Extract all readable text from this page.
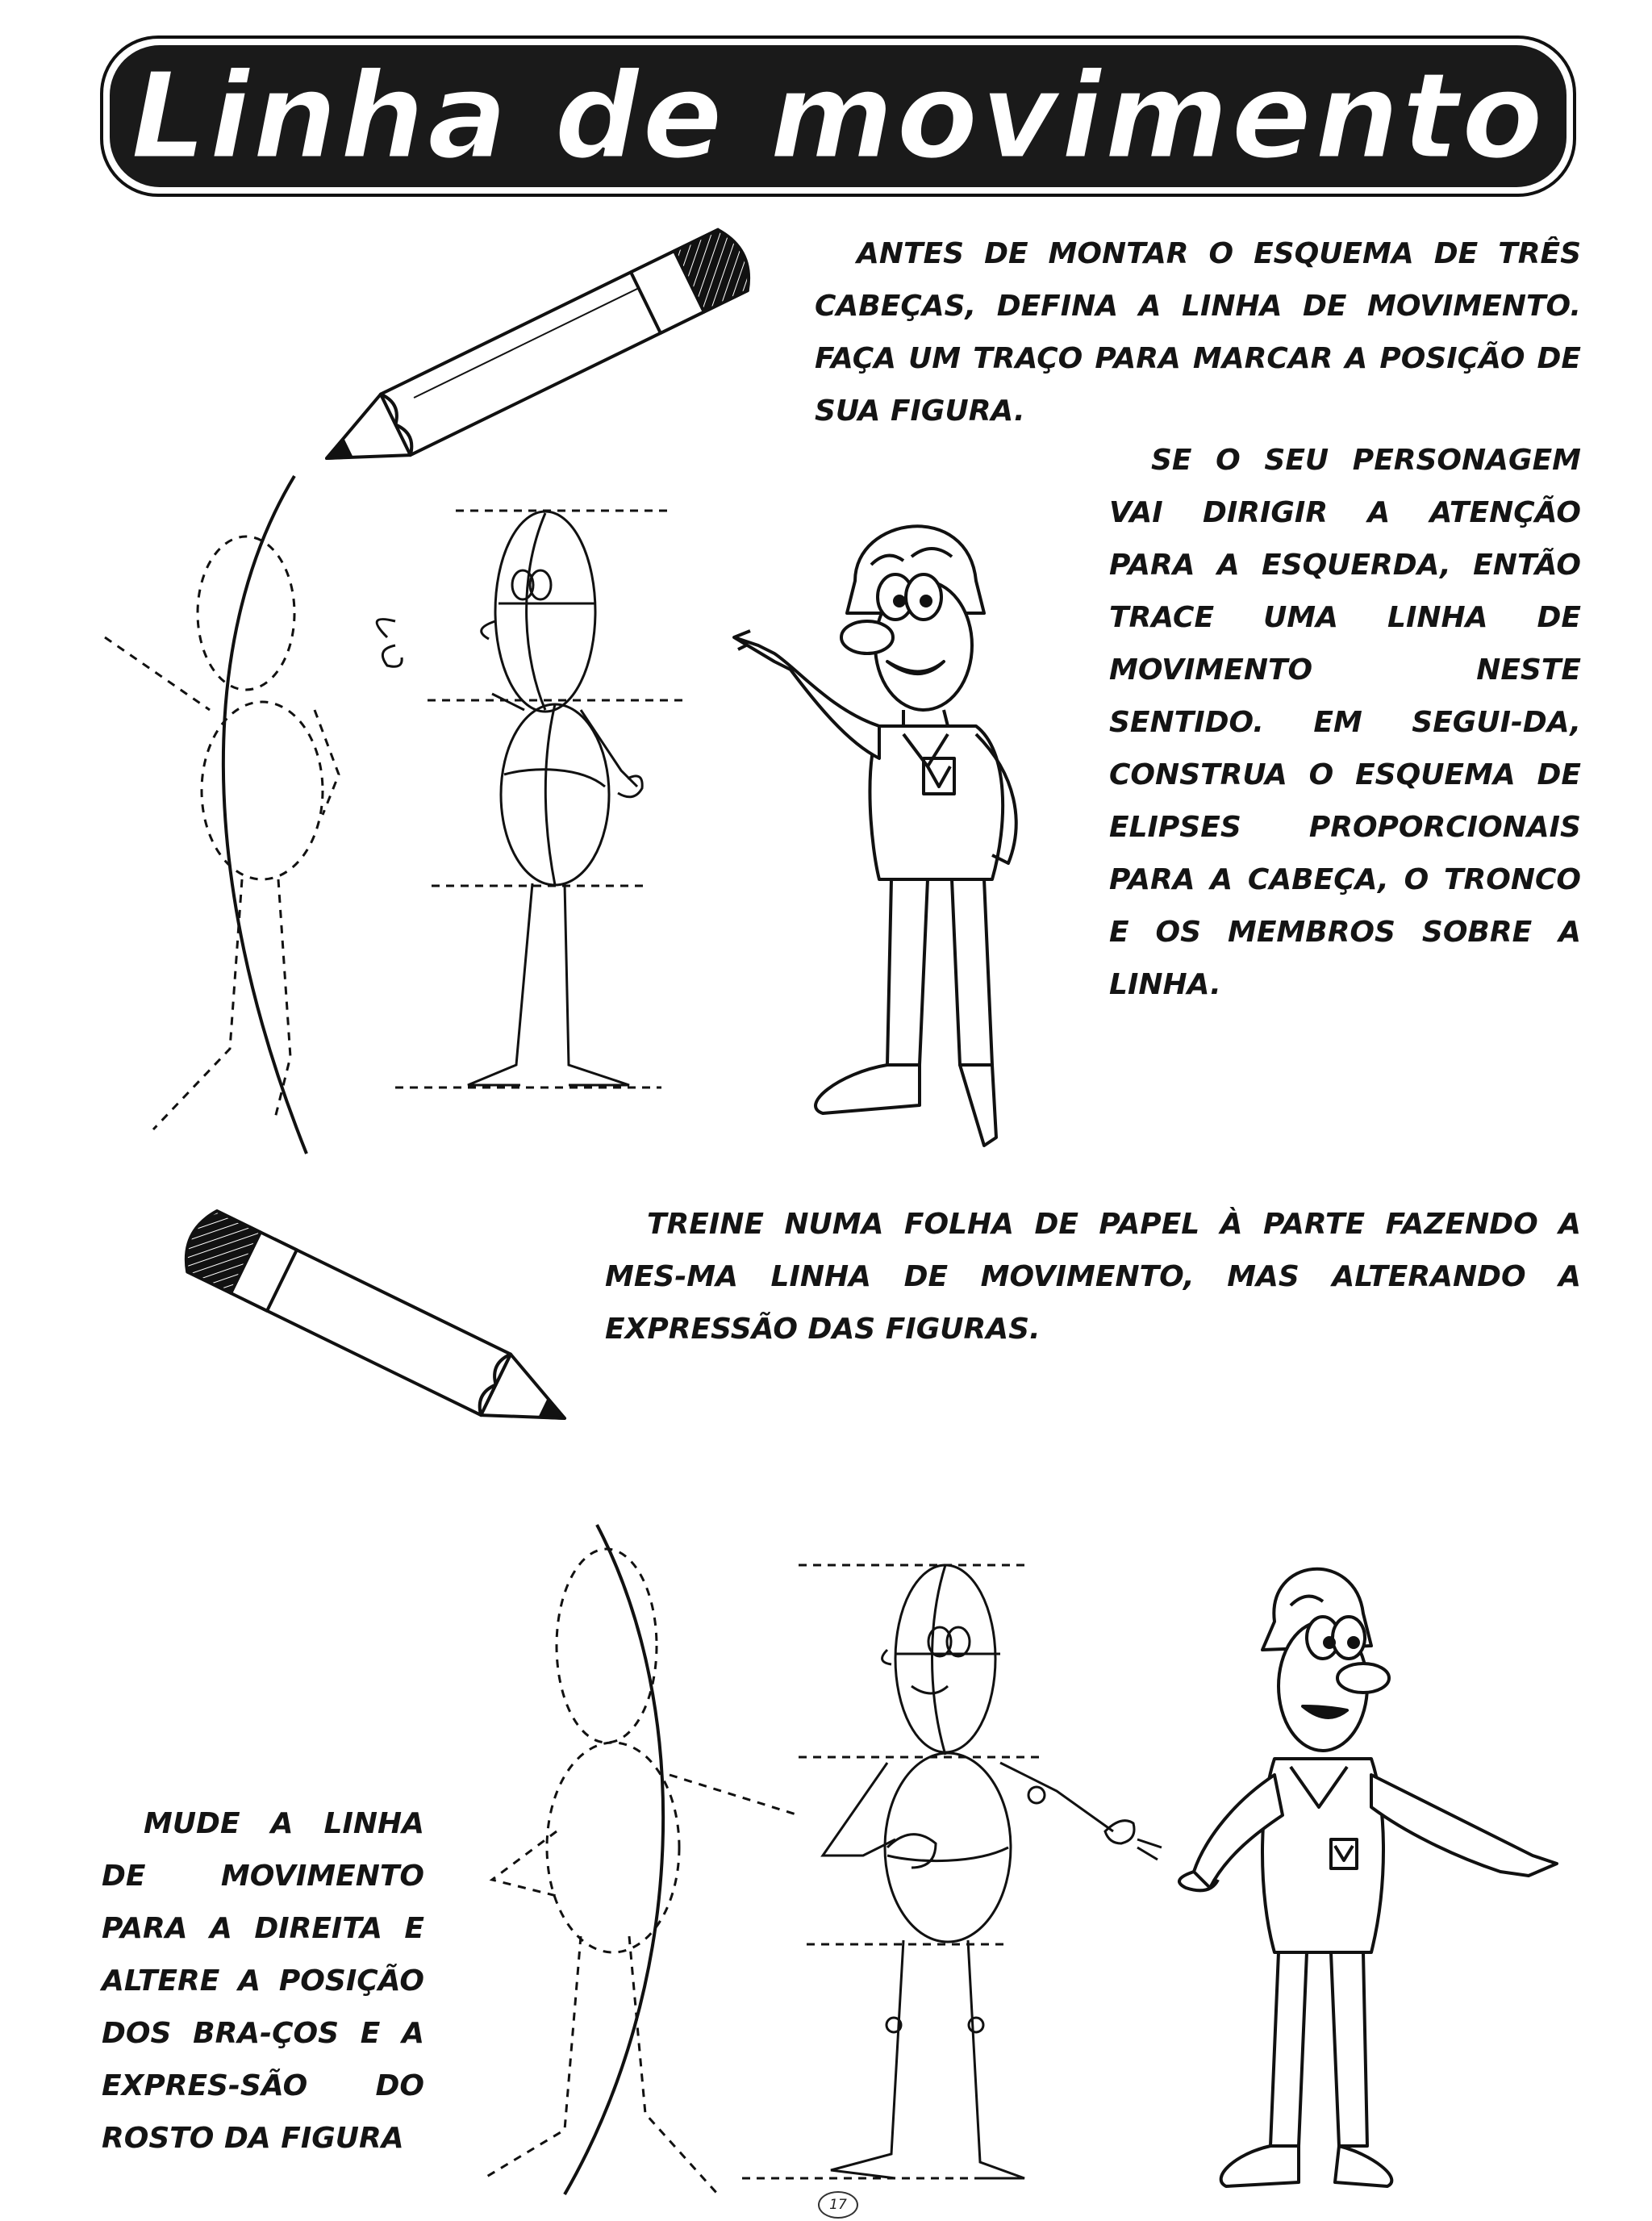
Linha de movimento

ANTES DE MONTAR O ESQUEMA DE TRÊS CABEÇAS, DEFINA A LINHA DE MOVIMENTO. FAÇA UM TRAÇO PARA MARCAR A POSIÇÃO DE SUA FIGURA.

SE O SEU PERSONAGEM VAI DIRIGIR A ATENÇÃO PARA A ESQUERDA, ENTÃO TRACE UMA LINHA DE MOVIMENTO NESTE SENTIDO. EM SEGUI-DA, CONSTRUA O ESQUEMA DE ELIPSES PROPORCIONAIS PARA A CABEÇA, O TRONCO E OS MEMBROS SOBRE A LINHA.

TREINE NUMA FOLHA DE PAPEL À PARTE FAZENDO A MES-MA LINHA DE MOVIMENTO, MAS ALTERANDO A EXPRESSÃO DAS FIGURAS.

MUDE A LINHA DE MOVIMENTO PARA A DIREITA E ALTERE A POSIÇÃO DOS BRA-ÇOS E A EXPRES-SÃO DO ROSTO DA FIGURA

17
